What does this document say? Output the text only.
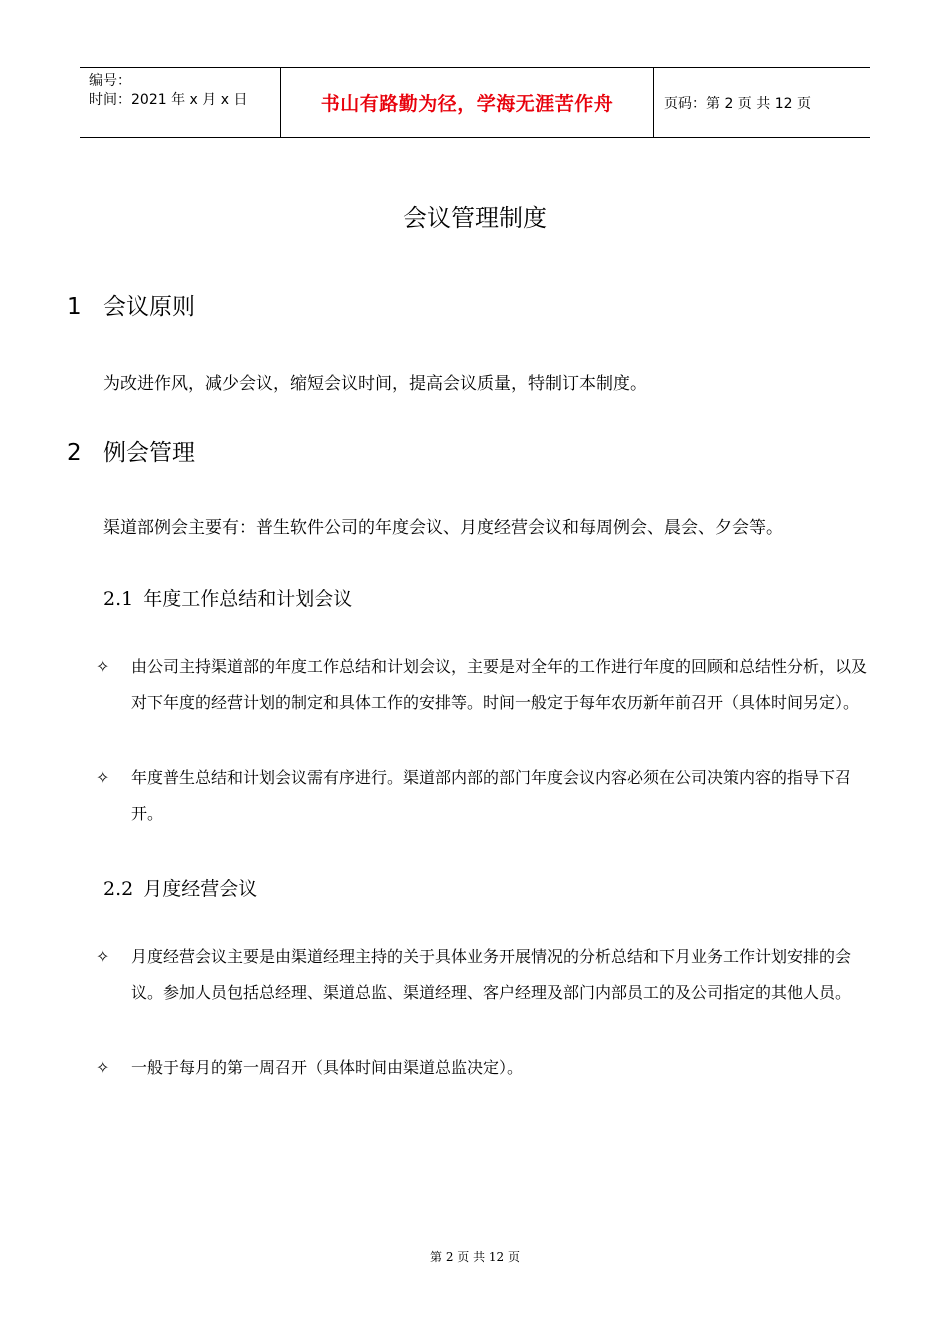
编号：
时间：2021 年 x 月 x 日	书山有路勤为径，学海无涯苦作舟	页码：第 2 页 共 12 页
会议管理制度
1 会议原则
为改进作风，减少会议，缩短会议时间，提高会议质量，特制订本制度。
2 例会管理
渠道部例会主要有：普生软件公司的年度会议、月度经营会议和每周例会、晨会、夕会等。
2.1 年度工作总结和计划会议
✧	由公司主持渠道部的年度工作总结和计划会议，主要是对全年的工作进行年度的回顾和总结性分析，以及对下年度的经营计划的制定和具体工作的安排等。时间一般定于每年农历新年前召开（具体时间另定）。
✧	年度普生总结和计划会议需有序进行。渠道部内部的部门年度会议内容必须在公司决策内容的指导下召开。
2.2 月度经营会议
✧	月度经营会议主要是由渠道经理主持的关于具体业务开展情况的分析总结和下月业务工作计划安排的会议。参加人员包括总经理、渠道总监、渠道经理、客户经理及部门内部员工的及公司指定的其他人员。
✧	一般于每月的第一周召开（具体时间由渠道总监决定）。
第 2 页 共 12 页
